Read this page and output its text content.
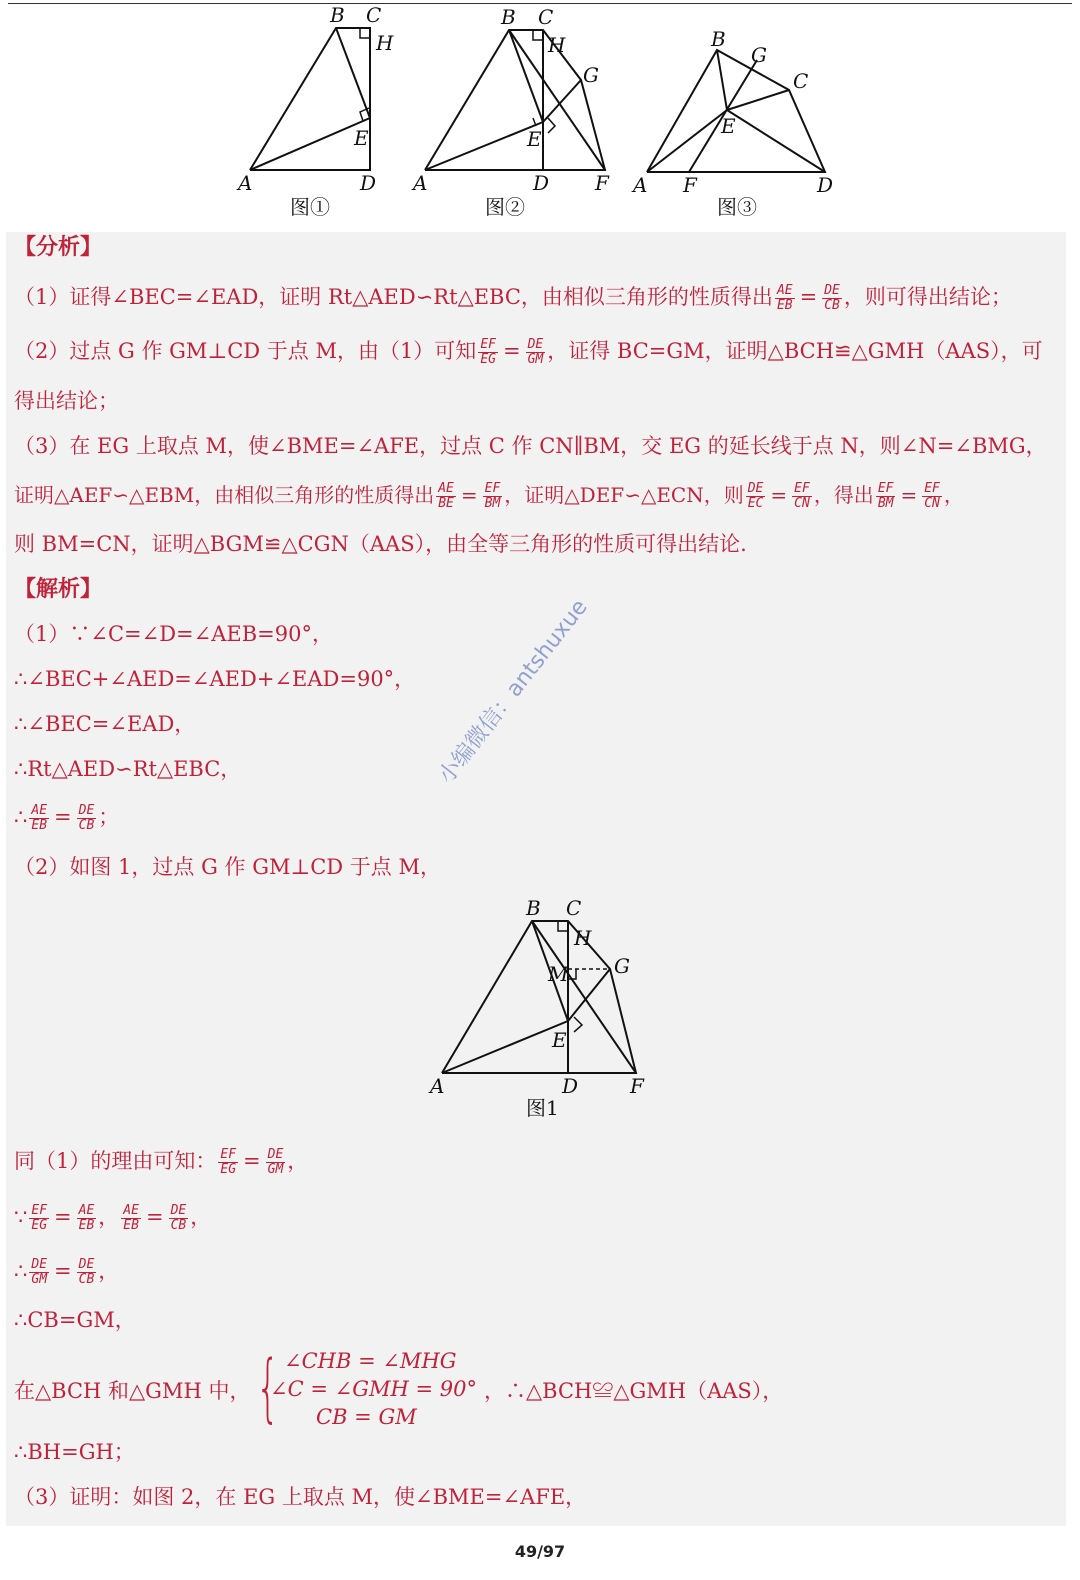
B C
H
E
A	D
图①
B C
H
G
E
A	D F
图②
B
G
C
E
A F	D
图③
【分析】
（1）证得∠BEC=∠EAD，证明 Rt△AED∽Rt△EBC，由相似三角形的性质得出 $\frac{AE}{EB} = \frac{DE}{CB}$ ，则可得出结论；
（2）过点 G 作 GM⊥CD 于点 M，由（1）可知 $\frac{EF}{EG} = \frac{DE}{GM}$ ，证得 BC=GM，证明△BCH≌△GMH（AAS），可
得出结论；
（3）在 EG 上取点 M，使∠BME=∠AFE，过点 C 作 CN∥BM，交 EG 的延长线于点 N，则∠N=∠BMG，
证明△AEF∽△EBM，由相似三角形的性质得出 $\frac{AE}{BE} = \frac{EF}{BM}$ ，证明△DEF∽△ECN，则 $\frac{DE}{EC} = \frac{EF}{CN}$ ，得出 $\frac{EF}{BM} = \frac{EF}{CN}$ ，
则 BM=CN，证明△BGM≌△CGN（AAS），由全等三角形的性质可得出结论.
【解析】
（1）∵∠C=∠D=∠AEB=90°，
∴∠BEC+∠AED=∠AED+∠EAD=90°，
∴∠BEC=∠EAD，
∴Rt△AED∽Rt△EBC，
∴ $\frac{AE}{EB} = \frac{DE}{CB}$ ；
（2）如图 1，过点 G 作 GM⊥CD 于点 M，
同（1）的理由可知： $\frac{EF}{EG} = \frac{DE}{GM}$ ，
∵ $\frac{EF}{EG} = \frac{AE}{EB}$ ， $\frac{AE}{EB} = \frac{DE}{CB}$ ，
∴ $\frac{DE}{GM} = \frac{DE}{CB}$ ，
∴CB=GM，
在△BCH 和△GMH 中， { ∠CHB = ∠MHG
∠C = ∠GMH = 90°
CB = GM
，∴△BCH≌△GMH（AAS），
∴BH=GH；
（3）证明：如图 2，在 EG 上取点 M，使∠BME=∠AFE，
B C
H
M G
E
A	D	F
图1
小编微信：antshuxue
49/97
